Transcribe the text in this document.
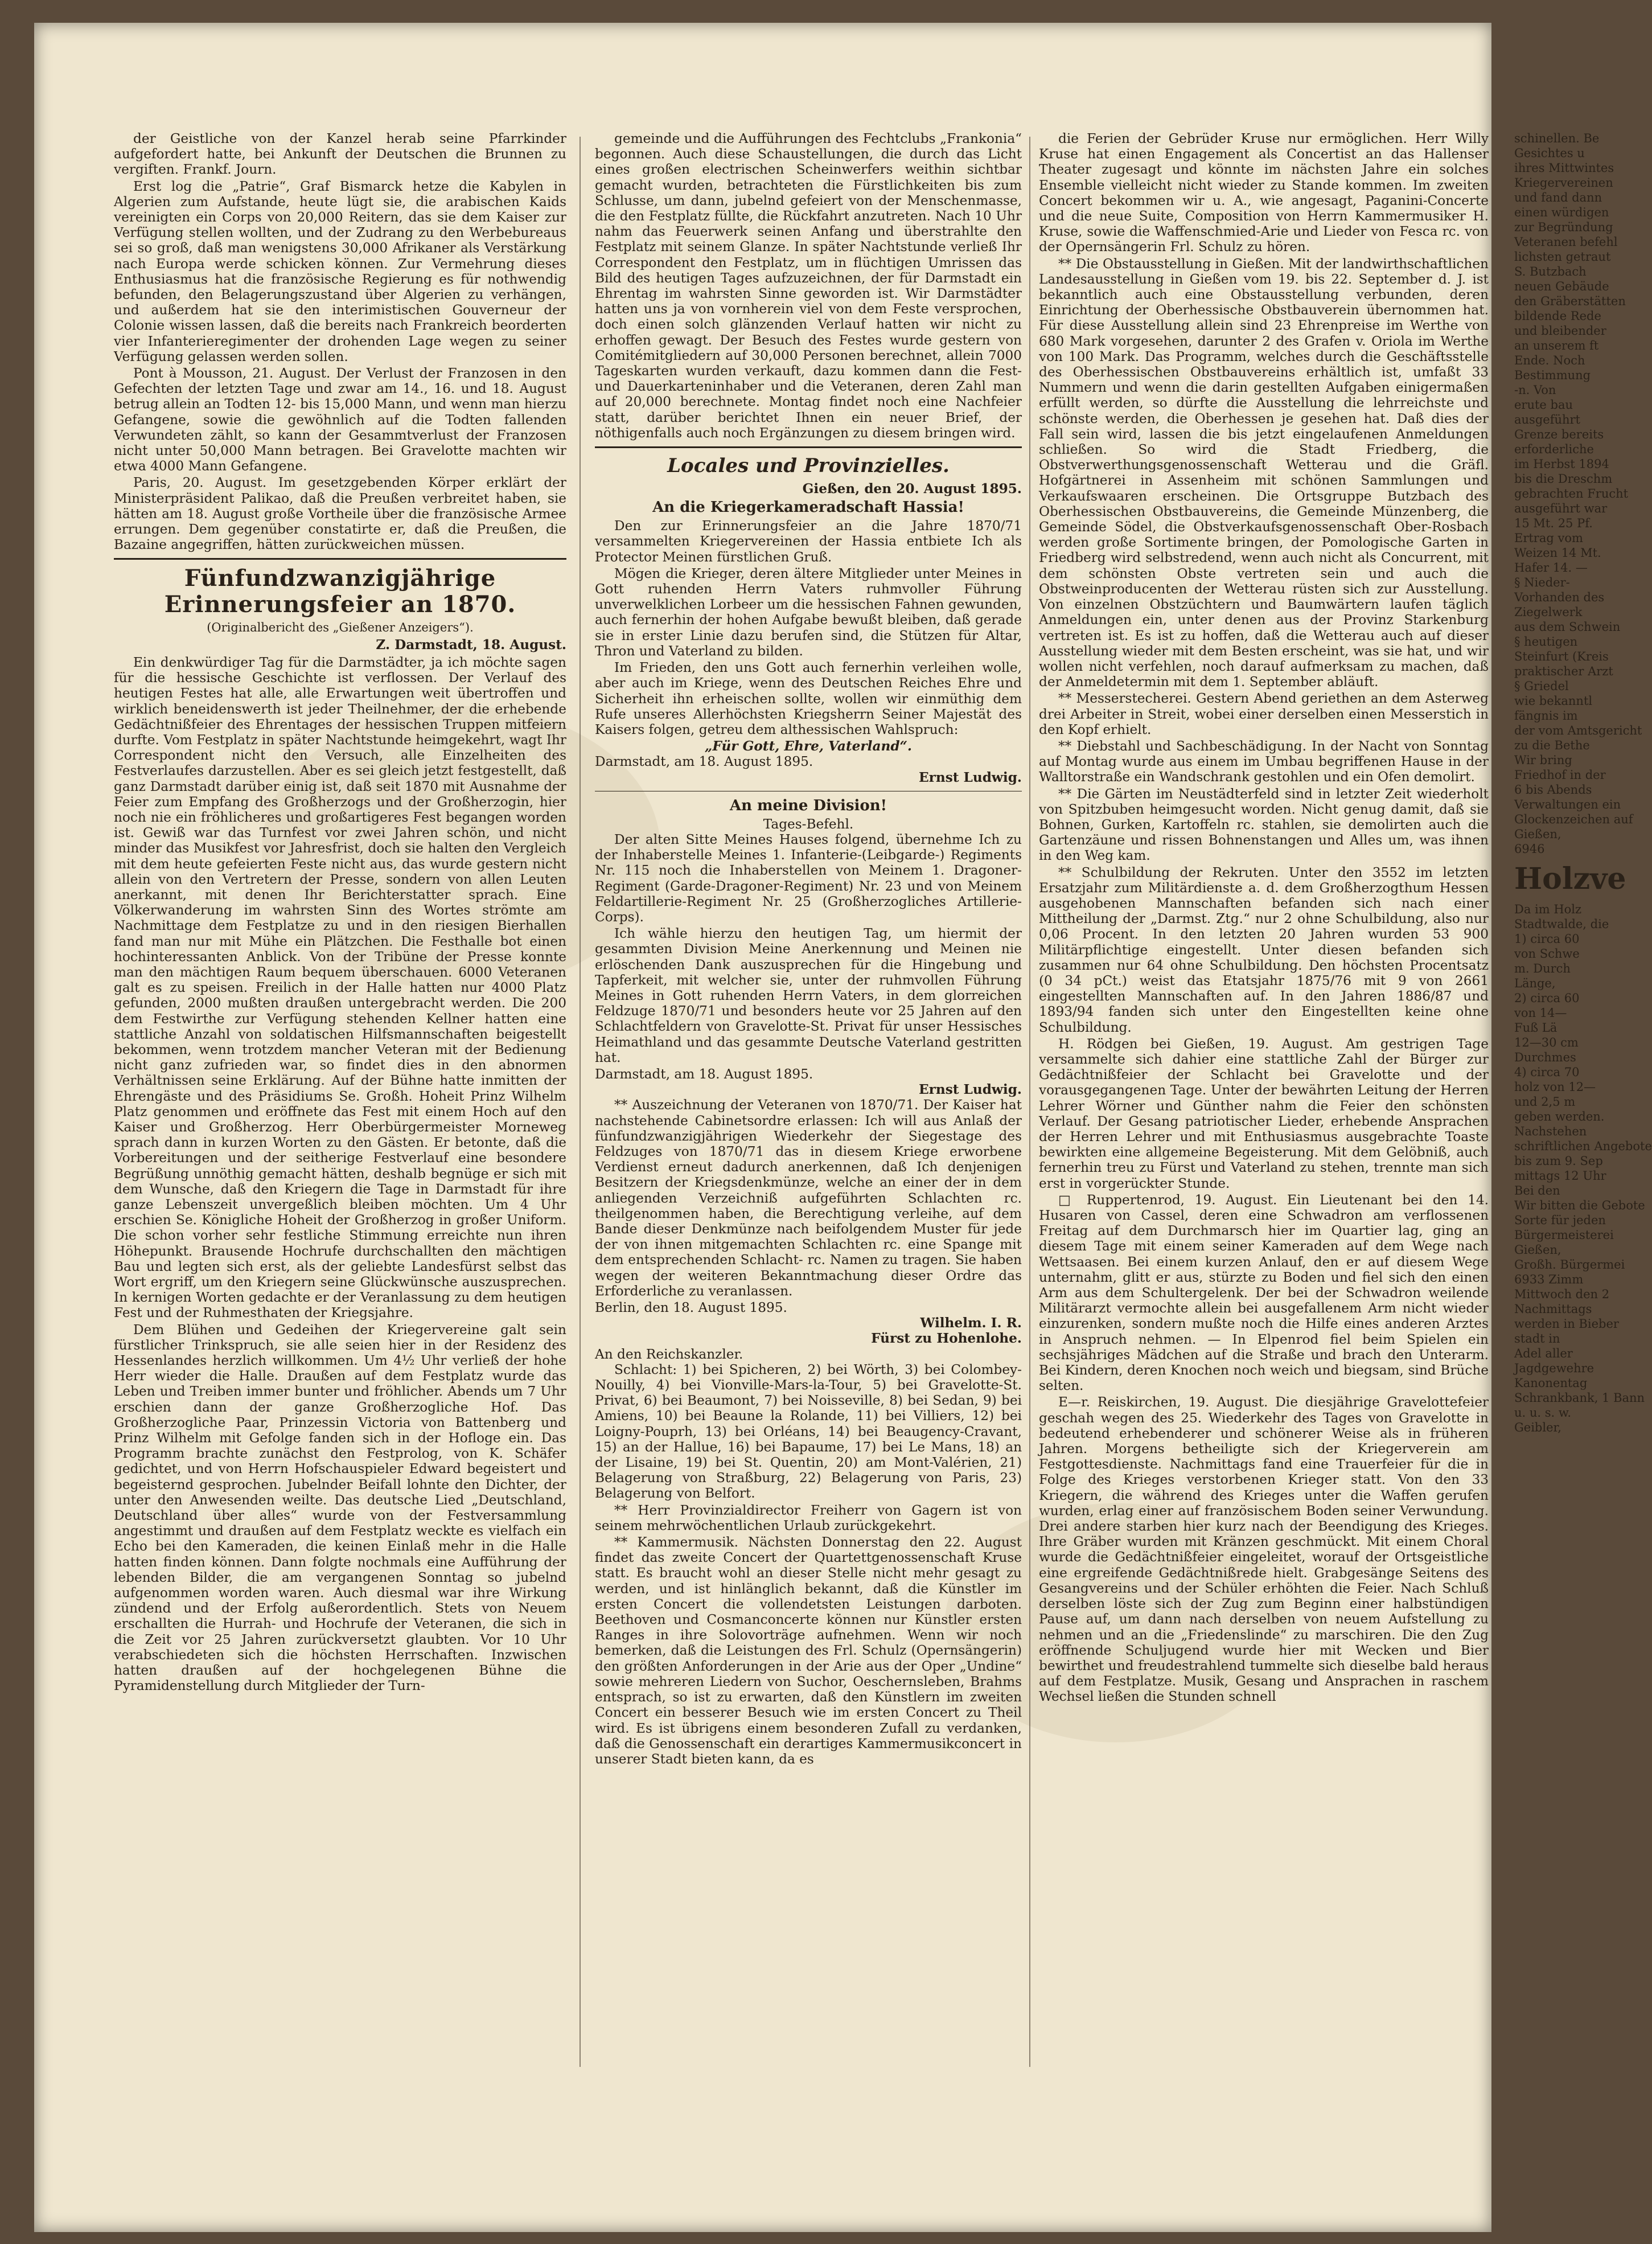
der Geistliche von der Kanzel herab seine Pfarrkinder aufgefordert hatte, bei Ankunft der Deutschen die Brunnen zu vergiften. Frankf. Journ.

Erst log die „Patrie“, Graf Bismarck hetze die Kabylen in Algerien zum Aufstande, heute lügt sie, die arabischen Kaids vereinigten ein Corps von 20,000 Reitern, das sie dem Kaiser zur Verfügung stellen wollten, und der Zudrang zu den Werbebureaus sei so groß, daß man wenigstens 30,000 Afrikaner als Verstärkung nach Europa werde schicken können. Zur Vermehrung dieses Enthusiasmus hat die französische Regierung es für nothwendig befunden, den Belagerungszustand über Algerien zu verhängen, und außerdem hat sie den interimistischen Gouverneur der Colonie wissen lassen, daß die bereits nach Frankreich beorderten vier Infanterieregimenter der drohenden Lage wegen zu seiner Verfügung gelassen werden sollen.

Pont à Mousson, 21. August. Der Verlust der Franzosen in den Gefechten der letzten Tage und zwar am 14., 16. und 18. August betrug allein an Todten 12- bis 15,000 Mann, und wenn man hierzu Gefangene, sowie die gewöhnlich auf die Todten fallenden Verwundeten zählt, so kann der Gesammtverlust der Franzosen nicht unter 50,000 Mann betragen. Bei Gravelotte machten wir etwa 4000 Mann Gefangene.

Paris, 20. August. Im gesetzgebenden Körper erklärt der Ministerpräsident Palikao, daß die Preußen verbreitet haben, sie hätten am 18. August große Vortheile über die französische Armee errungen. Dem gegenüber constatirte er, daß die Preußen, die Bazaine angegriffen, hätten zurückweichen müssen.

Fünfundzwanzigjährige Erinnerungsfeier an 1870.
(Originalbericht des „Gießener Anzeigers“).
Z. Darmstadt, 18. August.

Ein denkwürdiger Tag für die Darmstädter, ja ich möchte sagen für die hessische Geschichte ist verflossen. Der Verlauf des heutigen Festes hat alle, alle Erwartungen weit übertroffen und wirklich beneidenswerth ist jeder Theilnehmer, der die erhebende Gedächtnißfeier des Ehrentages der hessischen Truppen mitfeiern durfte. Vom Festplatz in später Nachtstunde heimgekehrt, wagt Ihr Correspondent nicht den Versuch, alle Einzelheiten des Festverlaufes darzustellen. Aber es sei gleich jetzt festgestellt, daß ganz Darmstadt darüber einig ist, daß seit 1870 mit Ausnahme der Feier zum Empfang des Großherzogs und der Großherzogin, hier noch nie ein fröhlicheres und großartigeres Fest begangen worden ist. Gewiß war das Turnfest vor zwei Jahren schön, und nicht minder das Musikfest vor Jahresfrist, doch sie halten den Vergleich mit dem heute gefeierten Feste nicht aus, das wurde gestern nicht allein von den Vertretern der Presse, sondern von allen Leuten anerkannt, mit denen Ihr Berichterstatter sprach. Eine Völkerwanderung im wahrsten Sinn des Wortes strömte am Nachmittage dem Festplatze zu und in den riesigen Bierhallen fand man nur mit Mühe ein Plätzchen. Die Festhalle bot einen hochinteressanten Anblick. Von der Tribüne der Presse konnte man den mächtigen Raum bequem überschauen. 6000 Veteranen galt es zu speisen. Freilich in der Halle hatten nur 4000 Platz gefunden, 2000 mußten draußen untergebracht werden. Die 200 dem Festwirthe zur Verfügung stehenden Kellner hatten eine stattliche Anzahl von soldatischen Hilfsmannschaften beigestellt bekommen, wenn trotzdem mancher Veteran mit der Bedienung nicht ganz zufrieden war, so findet dies in den abnormen Verhältnissen seine Erklärung. Auf der Bühne hatte inmitten der Ehrengäste und des Präsidiums Se. Großh. Hoheit Prinz Wilhelm Platz genommen und eröffnete das Fest mit einem Hoch auf den Kaiser und Großherzog. Herr Oberbürgermeister Morneweg sprach dann in kurzen Worten zu den Gästen. Er betonte, daß die Vorbereitungen und der seitherige Festverlauf eine besondere Begrüßung unnöthig gemacht hätten, deshalb begnüge er sich mit dem Wunsche, daß den Kriegern die Tage in Darmstadt für ihre ganze Lebenszeit unvergeßlich bleiben möchten. Um 4 Uhr erschien Se. Königliche Hoheit der Großherzog in großer Uniform. Die schon vorher sehr festliche Stimmung erreichte nun ihren Höhepunkt. Brausende Hochrufe durchschallten den mächtigen Bau und legten sich erst, als der geliebte Landesfürst selbst das Wort ergriff, um den Kriegern seine Glückwünsche auszusprechen. In kernigen Worten gedachte er der Veranlassung zu dem heutigen Fest und der Ruhmesthaten der Kriegsjahre.

Dem Blühen und Gedeihen der Kriegervereine galt sein fürstlicher Trinkspruch, sie alle seien hier in der Residenz des Hessenlandes herzlich willkommen. Um 4½ Uhr verließ der hohe Herr wieder die Halle. Draußen auf dem Festplatz wurde das Leben und Treiben immer bunter und fröhlicher. Abends um 7 Uhr erschien dann der ganze Großherzogliche Hof. Das Großherzogliche Paar, Prinzessin Victoria von Battenberg und Prinz Wilhelm mit Gefolge fanden sich in der Hofloge ein. Das Programm brachte zunächst den Festprolog, von K. Schäfer gedichtet, und von Herrn Hofschauspieler Edward begeistert und begeisternd gesprochen. Jubelnder Beifall lohnte den Dichter, der unter den Anwesenden weilte. Das deutsche Lied „Deutschland, Deutschland über alles“ wurde von der Festversammlung angestimmt und draußen auf dem Festplatz weckte es vielfach ein Echo bei den Kameraden, die keinen Einlaß mehr in die Halle hatten finden können. Dann folgte nochmals eine Aufführung der lebenden Bilder, die am vergangenen Sonntag so jubelnd aufgenommen worden waren. Auch diesmal war ihre Wirkung zündend und der Erfolg außerordentlich. Stets von Neuem erschallten die Hurrah- und Hochrufe der Veteranen, die sich in die Zeit vor 25 Jahren zurückversetzt glaubten. Vor 10 Uhr verabschiedeten sich die höchsten Herrschaften. Inzwischen hatten draußen auf der hochgelegenen Bühne die Pyramidenstellung durch Mitglieder der Turn-

gemeinde und die Aufführungen des Fechtclubs „Frankonia“ begonnen. Auch diese Schaustellungen, die durch das Licht eines großen electrischen Scheinwerfers weithin sichtbar gemacht wurden, betrachteten die Fürstlichkeiten bis zum Schlusse, um dann, jubelnd gefeiert von der Menschenmasse, die den Festplatz füllte, die Rückfahrt anzutreten. Nach 10 Uhr nahm das Feuerwerk seinen Anfang und überstrahlte den Festplatz mit seinem Glanze. In später Nachtstunde verließ Ihr Correspondent den Festplatz, um in flüchtigen Umrissen das Bild des heutigen Tages aufzuzeichnen, der für Darmstadt ein Ehrentag im wahrsten Sinne geworden ist. Wir Darmstädter hatten uns ja von vornherein viel von dem Feste versprochen, doch einen solch glänzenden Verlauf hatten wir nicht zu erhoffen gewagt. Der Besuch des Festes wurde gestern von Comitémitgliedern auf 30,000 Personen berechnet, allein 7000 Tageskarten wurden verkauft, dazu kommen dann die Fest- und Dauerkarteninhaber und die Veteranen, deren Zahl man auf 20,000 berechnete. Montag findet noch eine Nachfeier statt, darüber berichtet Ihnen ein neuer Brief, der nöthigenfalls auch noch Ergänzungen zu diesem bringen wird.

Locales und Provinzielles.
Gießen, den 20. August 1895.
An die Kriegerkameradschaft Hassia!

Den zur Erinnerungsfeier an die Jahre 1870/71 versammelten Kriegervereinen der Hassia entbiete Ich als Protector Meinen fürstlichen Gruß.

Mögen die Krieger, deren ältere Mitglieder unter Meines in Gott ruhenden Herrn Vaters ruhmvoller Führung unverwelklichen Lorbeer um die hessischen Fahnen gewunden, auch fernerhin der hohen Aufgabe bewußt bleiben, daß gerade sie in erster Linie dazu berufen sind, die Stützen für Altar, Thron und Vaterland zu bilden.

Im Frieden, den uns Gott auch fernerhin verleihen wolle, aber auch im Kriege, wenn des Deutschen Reiches Ehre und Sicherheit ihn erheischen sollte, wollen wir einmüthig dem Rufe unseres Allerhöchsten Kriegsherrn Seiner Majestät des Kaisers folgen, getreu dem althessischen Wahlspruch:

„Für Gott, Ehre, Vaterland“.
Darmstadt, am 18. August 1895.
Ernst Ludwig.
An meine Division!
Tages-Befehl.

Der alten Sitte Meines Hauses folgend, übernehme Ich zu der Inhaberstelle Meines 1. Infanterie-(Leibgarde-) Regiments Nr. 115 noch die Inhaberstellen von Meinem 1. Dragoner-Regiment (Garde-Dragoner-Regiment) Nr. 23 und von Meinem Feldartillerie-Regiment Nr. 25 (Großherzogliches Artillerie-Corps).

Ich wähle hierzu den heutigen Tag, um hiermit der gesammten Division Meine Anerkennung und Meinen nie erlöschenden Dank auszusprechen für die Hingebung und Tapferkeit, mit welcher sie, unter der ruhmvollen Führung Meines in Gott ruhenden Herrn Vaters, in dem glorreichen Feldzuge 1870/71 und besonders heute vor 25 Jahren auf den Schlachtfeldern von Gravelotte-St. Privat für unser Hessisches Heimathland und das gesammte Deutsche Vaterland gestritten hat.

Darmstadt, am 18. August 1895.
Ernst Ludwig.

** Auszeichnung der Veteranen von 1870/71. Der Kaiser hat nachstehende Cabinetsordre erlassen: Ich will aus Anlaß der fünfundzwanzigjährigen Wiederkehr der Siegestage des Feldzuges von 1870/71 das in diesem Kriege erworbene Verdienst erneut dadurch anerkennen, daß Ich denjenigen Besitzern der Kriegsdenkmünze, welche an einer der in dem anliegenden Verzeichniß aufgeführten Schlachten rc. theilgenommen haben, die Berechtigung verleihe, auf dem Bande dieser Denkmünze nach beifolgendem Muster für jede der von ihnen mitgemachten Schlachten rc. eine Spange mit dem entsprechenden Schlacht- rc. Namen zu tragen. Sie haben wegen der weiteren Bekanntmachung dieser Ordre das Erforderliche zu veranlassen.

Berlin, den 18. August 1895.
Wilhelm. I. R.
Fürst zu Hohenlohe.
An den Reichskanzler.

Schlacht: 1) bei Spicheren, 2) bei Wörth, 3) bei Colombey-Nouilly, 4) bei Vionville-Mars-la-Tour, 5) bei Gravelotte-St. Privat, 6) bei Beaumont, 7) bei Noisseville, 8) bei Sedan, 9) bei Amiens, 10) bei Beaune la Rolande, 11) bei Villiers, 12) bei Loigny-Pouprh, 13) bei Orléans, 14) bei Beaugency-Cravant, 15) an der Hallue, 16) bei Bapaume, 17) bei Le Mans, 18) an der Lisaine, 19) bei St. Quentin, 20) am Mont-Valérien, 21) Belagerung von Straßburg, 22) Belagerung von Paris, 23) Belagerung von Belfort.

** Herr Provinzialdirector Freiherr von Gagern ist von seinem mehrwöchentlichen Urlaub zurückgekehrt.

** Kammermusik. Nächsten Donnerstag den 22. August findet das zweite Concert der Quartettgenossenschaft Kruse statt. Es braucht wohl an dieser Stelle nicht mehr gesagt zu werden, und ist hinlänglich bekannt, daß die Künstler im ersten Concert die vollendetsten Leistungen darboten. Beethoven und Cosmanconcerte können nur Künstler ersten Ranges in ihre Solovorträge aufnehmen. Wenn wir noch bemerken, daß die Leistungen des Frl. Schulz (Opernsängerin) den größten Anforderungen in der Arie aus der Oper „Undine“ sowie mehreren Liedern von Suchor, Oeschernsleben, Brahms entsprach, so ist zu erwarten, daß den Künstlern im zweiten Concert ein besserer Besuch wie im ersten Concert zu Theil wird. Es ist übrigens einem besonderen Zufall zu verdanken, daß die Genossenschaft ein derartiges Kammermusikconcert in unserer Stadt bieten kann, da es

die Ferien der Gebrüder Kruse nur ermöglichen. Herr Willy Kruse hat einen Engagement als Concertist an das Hallenser Theater zugesagt und könnte im nächsten Jahre ein solches Ensemble vielleicht nicht wieder zu Stande kommen. Im zweiten Concert bekommen wir u. A., wie angesagt, Paganini-Concerte und die neue Suite, Composition von Herrn Kammermusiker H. Kruse, sowie die Waffenschmied-Arie und Lieder von Fesca rc. von der Opernsängerin Frl. Schulz zu hören.

** Die Obstausstellung in Gießen. Mit der landwirthschaftlichen Landesausstellung in Gießen vom 19. bis 22. September d. J. ist bekanntlich auch eine Obstausstellung verbunden, deren Einrichtung der Oberhessische Obstbauverein übernommen hat. Für diese Ausstellung allein sind 23 Ehrenpreise im Werthe von 680 Mark vorgesehen, darunter 2 des Grafen v. Oriola im Werthe von 100 Mark. Das Programm, welches durch die Geschäftsstelle des Oberhessischen Obstbauvereins erhältlich ist, umfaßt 33 Nummern und wenn die darin gestellten Aufgaben einigermaßen erfüllt werden, so dürfte die Ausstellung die lehrreichste und schönste werden, die Oberhessen je gesehen hat. Daß dies der Fall sein wird, lassen die bis jetzt eingelaufenen Anmeldungen schließen. So wird die Stadt Friedberg, die Obstverwerthungsgenossenschaft Wetterau und die Gräfl. Hofgärtnerei in Assenheim mit schönen Sammlungen und Verkaufswaaren erscheinen. Die Ortsgruppe Butzbach des Oberhessischen Obstbauvereins, die Gemeinde Münzenberg, die Gemeinde Södel, die Obstverkaufsgenossenschaft Ober-Rosbach werden große Sortimente bringen, der Pomologische Garten in Friedberg wird selbstredend, wenn auch nicht als Concurrent, mit dem schönsten Obste vertreten sein und auch die Obstweinproducenten der Wetterau rüsten sich zur Ausstellung. Von einzelnen Obstzüchtern und Baumwärtern laufen täglich Anmeldungen ein, unter denen aus der Provinz Starkenburg vertreten ist. Es ist zu hoffen, daß die Wetterau auch auf dieser Ausstellung wieder mit dem Besten erscheint, was sie hat, und wir wollen nicht verfehlen, noch darauf aufmerksam zu machen, daß der Anmeldetermin mit dem 1. September abläuft.

** Messerstecherei. Gestern Abend geriethen an dem Asterweg drei Arbeiter in Streit, wobei einer derselben einen Messerstich in den Kopf erhielt.

** Diebstahl und Sachbeschädigung. In der Nacht von Sonntag auf Montag wurde aus einem im Umbau begriffenen Hause in der Walltorstraße ein Wandschrank gestohlen und ein Ofen demolirt.

** Die Gärten im Neustädterfeld sind in letzter Zeit wiederholt von Spitzbuben heimgesucht worden. Nicht genug damit, daß sie Bohnen, Gurken, Kartoffeln rc. stahlen, sie demolirten auch die Gartenzäune und rissen Bohnenstangen und Alles um, was ihnen in den Weg kam.

** Schulbildung der Rekruten. Unter den 3552 im letzten Ersatzjahr zum Militärdienste a. d. dem Großherzogthum Hessen ausgehobenen Mannschaften befanden sich nach einer Mittheilung der „Darmst. Ztg.“ nur 2 ohne Schulbildung, also nur 0,06 Procent. In den letzten 20 Jahren wurden 53 900 Militärpflichtige eingestellt. Unter diesen befanden sich zusammen nur 64 ohne Schulbildung. Den höchsten Procentsatz (0 34 pCt.) weist das Etatsjahr 1875/76 mit 9 von 2661 eingestellten Mannschaften auf. In den Jahren 1886/87 und 1893/94 fanden sich unter den Eingestellten keine ohne Schulbildung.

H. Rödgen bei Gießen, 19. August. Am gestrigen Tage versammelte sich dahier eine stattliche Zahl der Bürger zur Gedächtnißfeier der Schlacht bei Gravelotte und der vorausgegangenen Tage. Unter der bewährten Leitung der Herren Lehrer Wörner und Günther nahm die Feier den schönsten Verlauf. Der Gesang patriotischer Lieder, erhebende Ansprachen der Herren Lehrer und mit Enthusiasmus ausgebrachte Toaste bewirkten eine allgemeine Begeisterung. Mit dem Gelöbniß, auch fernerhin treu zu Fürst und Vaterland zu stehen, trennte man sich erst in vorgerückter Stunde.

□ Ruppertenrod, 19. August. Ein Lieutenant bei den 14. Husaren von Cassel, deren eine Schwadron am verflossenen Freitag auf dem Durchmarsch hier im Quartier lag, ging an diesem Tage mit einem seiner Kameraden auf dem Wege nach Wettsaasen. Bei einem kurzen Anlauf, den er auf diesem Wege unternahm, glitt er aus, stürzte zu Boden und fiel sich den einen Arm aus dem Schultergelenk. Der bei der Schwadron weilende Militärarzt vermochte allein bei ausgefallenem Arm nicht wieder einzurenken, sondern mußte noch die Hilfe eines anderen Arztes in Anspruch nehmen. — In Elpenrod fiel beim Spielen ein sechsjähriges Mädchen auf die Straße und brach den Unterarm. Bei Kindern, deren Knochen noch weich und biegsam, sind Brüche selten.

E—r. Reiskirchen, 19. August. Die diesjährige Gravelottefeier geschah wegen des 25. Wiederkehr des Tages von Gravelotte in bedeutend erhebenderer und schönerer Weise als in früheren Jahren. Morgens betheiligte sich der Kriegerverein am Festgottesdienste. Nachmittags fand eine Trauerfeier für die in Folge des Krieges verstorbenen Krieger statt. Von den 33 Kriegern, die während des Krieges unter die Waffen gerufen wurden, erlag einer auf französischem Boden seiner Verwundung. Drei andere starben hier kurz nach der Beendigung des Krieges. Ihre Gräber wurden mit Kränzen geschmückt. Mit einem Choral wurde die Gedächtnißfeier eingeleitet, worauf der Ortsgeistliche eine ergreifende Gedächtnißrede hielt. Grabgesänge Seitens des Gesangvereins und der Schüler erhöhten die Feier. Nach Schluß derselben löste sich der Zug zum Beginn einer halbstündigen Pause auf, um dann nach derselben von neuem Aufstellung zu nehmen und an die „Friedenslinde“ zu marschiren. Die den Zug eröffnende Schuljugend wurde hier mit Wecken und Bier bewirthet und freudestrahlend tummelte sich dieselbe bald heraus auf dem Festplatze. Musik, Gesang und Ansprachen in raschem Wechsel ließen die Stunden schnell

schinellen. Be
Gesichtes u
ihres Mittwintes
Kriegervereinen
und fand dann
einen würdigen
zur Begründung
Veteranen befehl
lichsten getraut
S. Butzbach
neuen Gebäude
den Gräberstätten
bildende Rede
und bleibender
an unserem ft
Ende. Noch
Bestimmung
-n. Von
erute bau
ausgeführt
Grenze bereits
erforderliche
im Herbst 1894
bis die Dreschm
gebrachten Frucht
ausgeführt war
15 Mt. 25 Pf.
Ertrag vom
Weizen 14 Mt.
Hafer 14. —
§ Nieder-
Vorhanden des
Ziegelwerk
aus dem Schwein
§ heutigen
Steinfurt (Kreis
praktischer Arzt
§ Griedel
wie bekanntl
fängnis im
der vom Amtsgericht
zu die Bethe
Wir bring
Friedhof in der
6 bis Abends
Verwaltungen ein
Glockenzeichen auf
Gießen,
6946
Holzve
Da im Holz
Stadtwalde, die
1) circa 60
von Schwe
m. Durch
Länge,
2) circa 60
von 14—
Fuß Lä
12—30 cm
Durchmes
4) circa 70
holz von 12—
und 2,5 m
geben werden.
Nachstehen
schriftlichen Angebote
bis zum 9. Sep
mittags 12 Uhr
Bei den
Wir bitten die Gebote
Sorte für jeden
Bürgermeisterei
Gießen,
Großh. Bürgermei
6933 Zimm
Mittwoch den 2
Nachmittags
werden in Bieber
stadt in
Adel aller
Jagdgewehre
Kanonentag
Schrankbank, 1 Bann
u. u. s. w.
Geibler,
